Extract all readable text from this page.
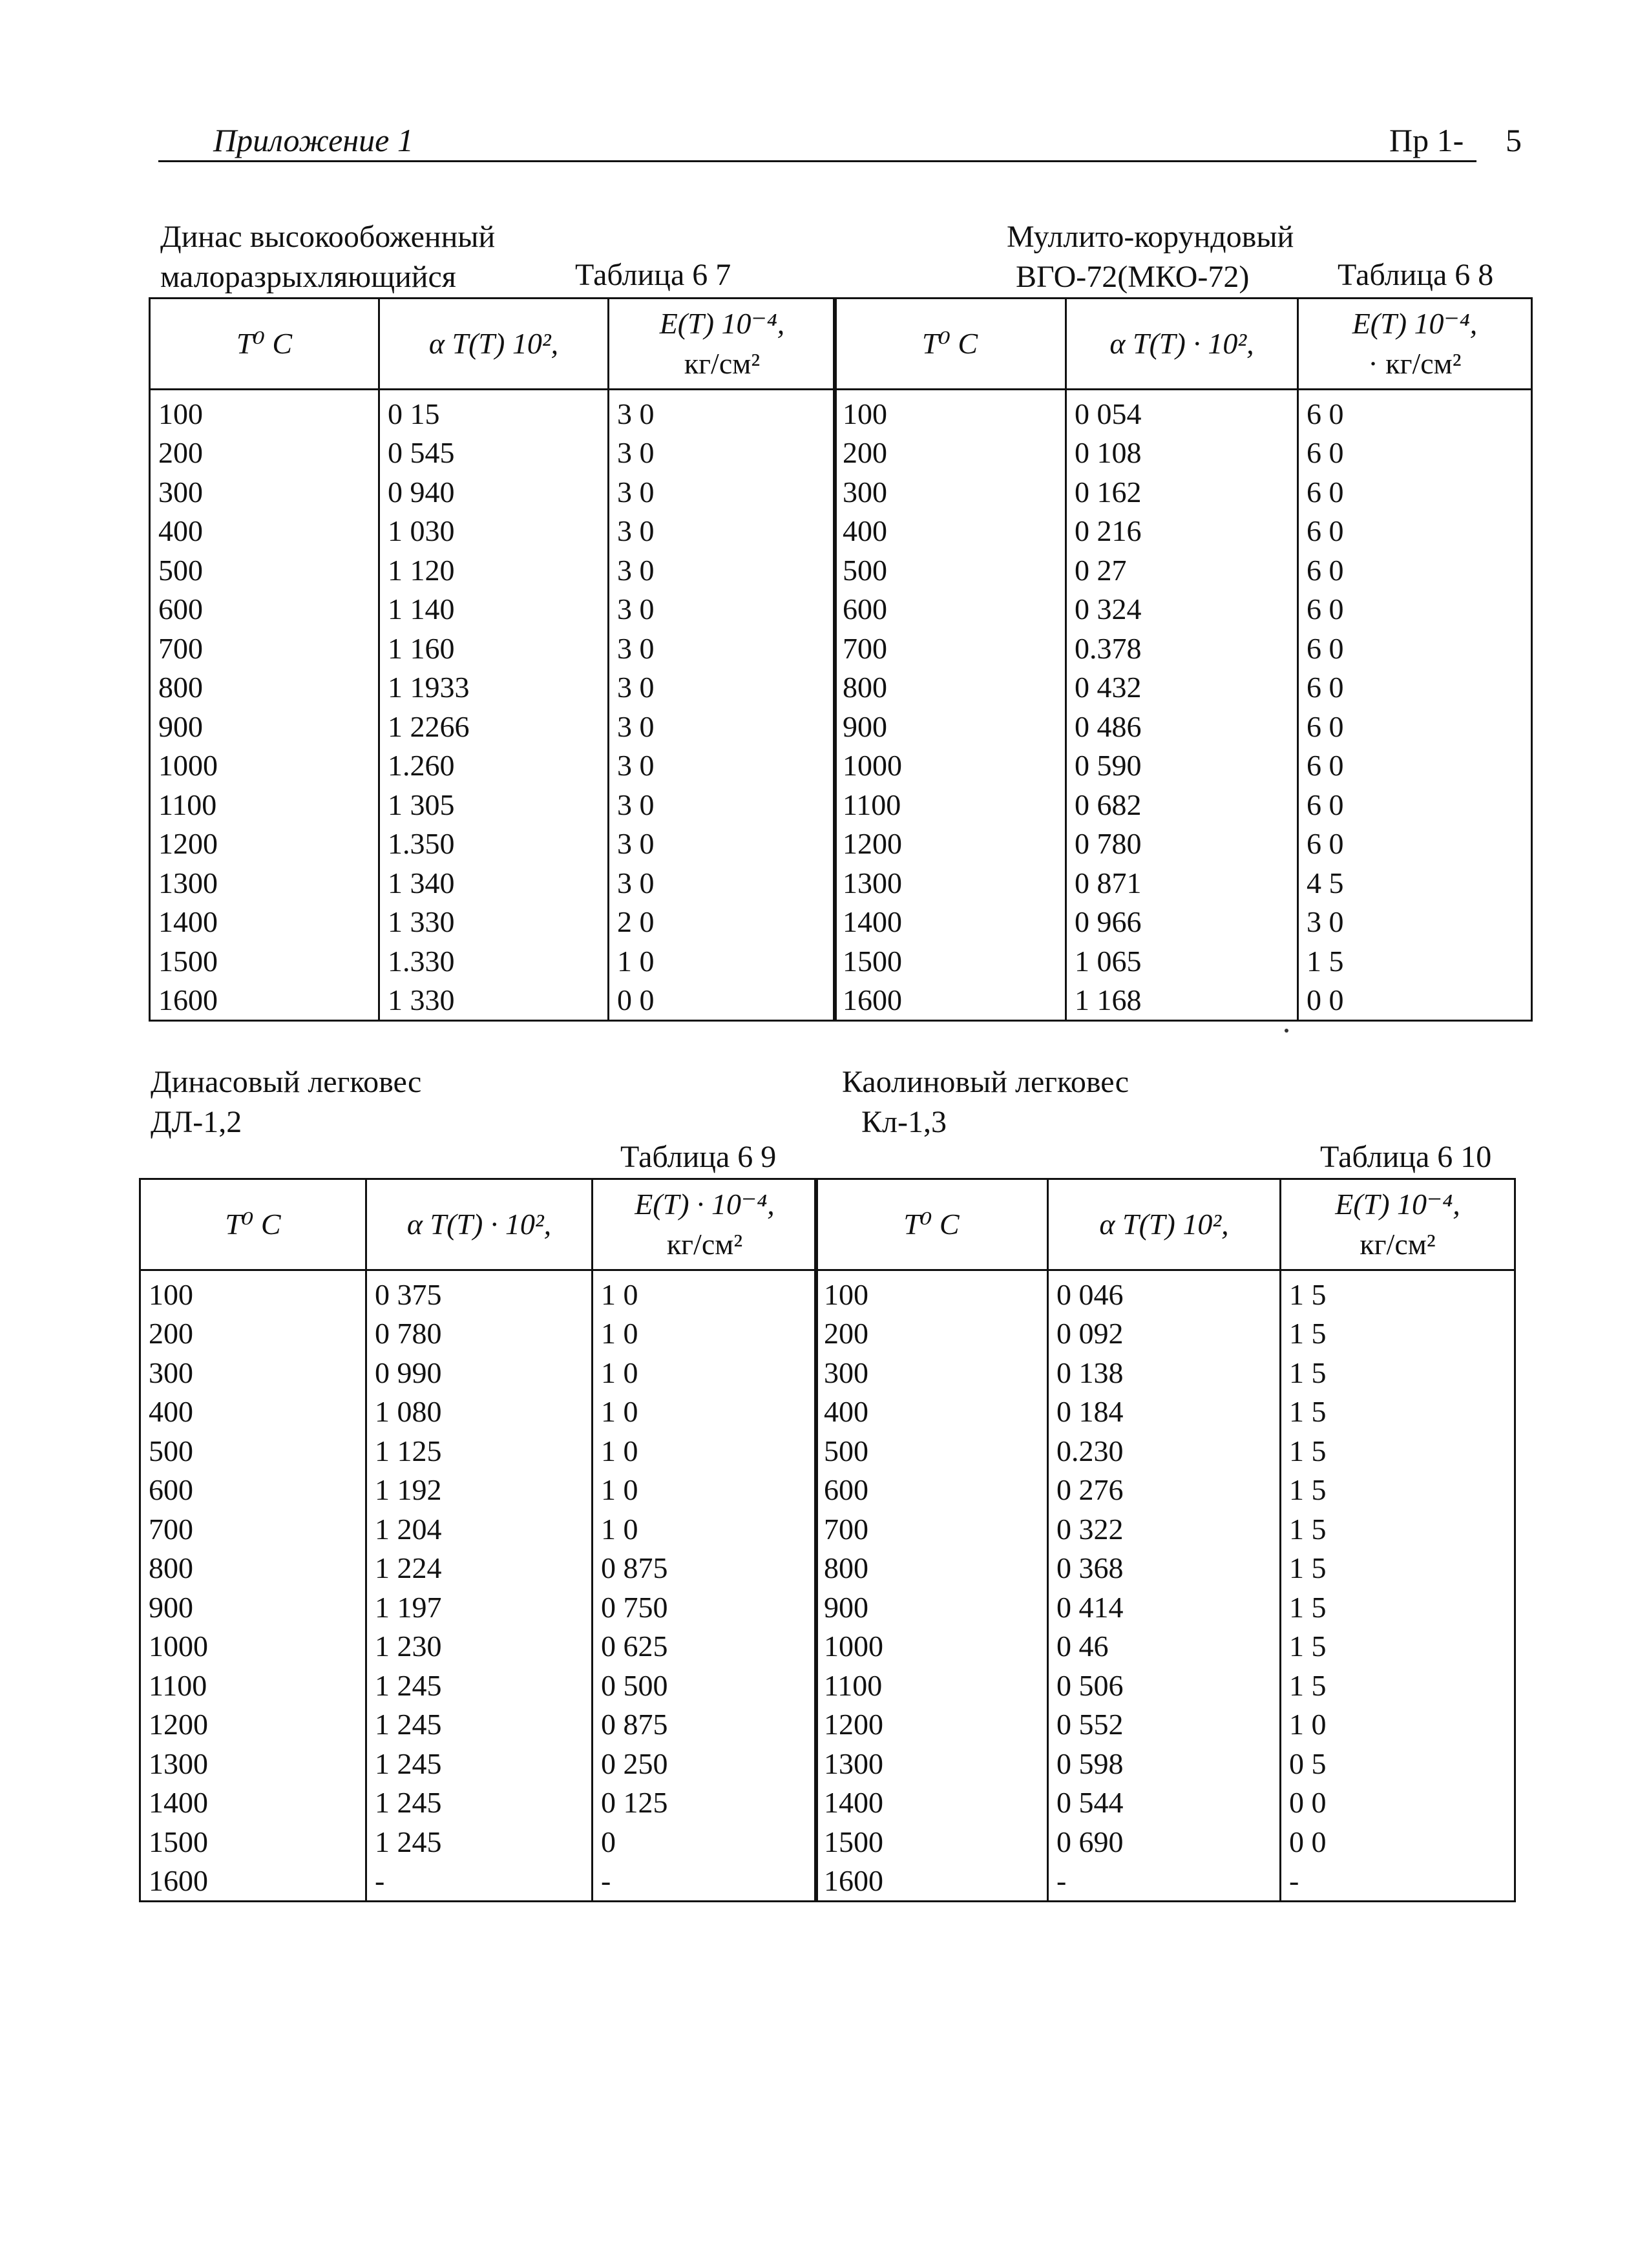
Приложение 1	Пр 1- 5
Динас высокообоженный
малоразрыхляющийся	Таблица 6 7
Муллито-корундовый
ВГО-72(МКО-72)	Таблица 6 8
T⁰ C	α T(T) 10²,	E(T) 10⁻⁴,
кг/см²

100	0 15	3 0
200	0 545	3 0
300	0 940	3 0
400	1 030	3 0
500	1 120	3 0
600	1 140	3 0
700	1 160	3 0
800	1 1933	3 0
900	1 2266	3 0
1000	1.260	3 0
1100	1 305	3 0
1200	1.350	3 0
1300	1 340	3 0
1400	1 330	2 0
1500	1.330	1 0
1600	1 330	0 0
T⁰ C	α T(T) · 10²,	E(T) 10⁻⁴,
· кг/см²

100	0 054	6 0
200	0 108	6 0
300	0 162	6 0
400	0 216	6 0
500	0 27	6 0
600	0 324	6 0
700	0.378	6 0
800	0 432	6 0
900	0 486	6 0
1000	0 590	6 0
1100	0 682	6 0
1200	0 780	6 0
1300	0 871	4 5
1400	0 966	3 0
1500	1 065	1 5
1600	1 168	0 0
Динасовый легковес
ДЛ-1,2
Таблица 6 9
Каолиновый легковес
Кл-1,3
Таблица 6 10
T⁰ C	α T(T) · 10²,	E(T) · 10⁻⁴,
кг/см²

100	0 375	1 0
200	0 780	1 0
300	0 990	1 0
400	1 080	1 0
500	1 125	1 0
600	1 192	1 0
700	1 204	1 0
800	1 224	0 875
900	1 197	0 750
1000	1 230	0 625
1100	1 245	0 500
1200	1 245	0 875
1300	1 245	0 250
1400	1 245	0 125
1500	1 245	0
1600	-	-
T⁰ C	α T(T) 10²,	E(T) 10⁻⁴,
кг/см²

100	0 046	1 5
200	0 092	1 5
300	0 138	1 5
400	0 184	1 5
500	0.230	1 5
600	0 276	1 5
700	0 322	1 5
800	0 368	1 5
900	0 414	1 5
1000	0 46	1 5
1100	0 506	1 5
1200	0 552	1 0
1300	0 598	0 5
1400	0 544	0 0
1500	0 690	0 0
1600	-	-
